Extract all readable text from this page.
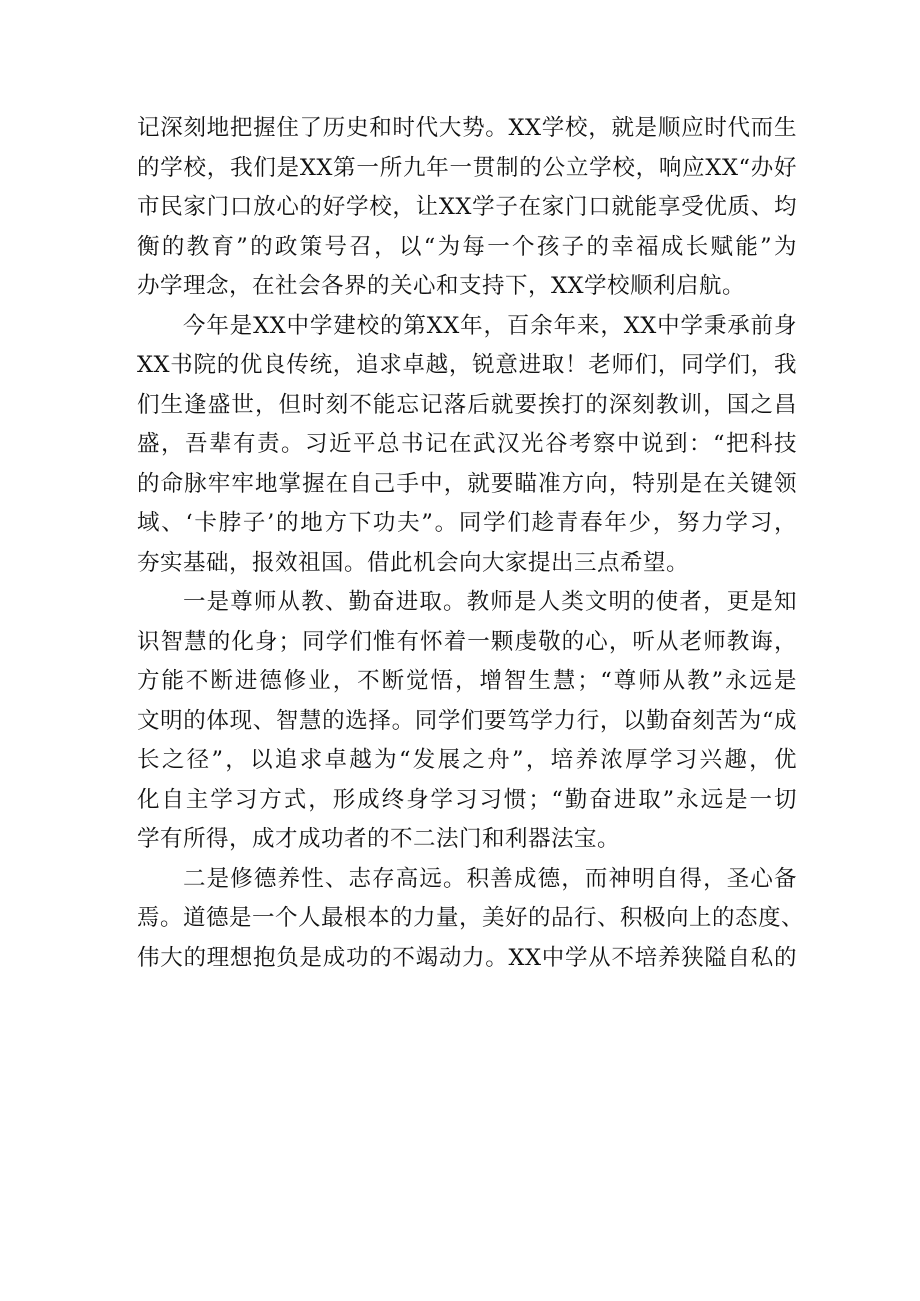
记深刻地把握住了历史和时代大势。XX学校，就是顺应时代而生
的学校，我们是XX第一所九年一贯制的公立学校，响应XX“办好
市民家门口放心的好学校，让XX学子在家门口就能享受优质、均
衡的教育”的政策号召，以“为每一个孩子的幸福成长赋能”为
办学理念，在社会各界的关心和支持下，XX学校顺利启航。
今年是XX中学建校的第XX年，百余年来，XX中学秉承前身
XX书院的优良传统，追求卓越，锐意进取！老师们，同学们，我
们生逢盛世，但时刻不能忘记落后就要挨打的深刻教训，国之昌
盛，吾辈有责。习近平总书记在武汉光谷考察中说到：“把科技
的命脉牢牢地掌握在自己手中，就要瞄准方向，特别是在关键领
域、‘卡脖子’的地方下功夫”。同学们趁青春年少，努力学习，
夯实基础，报效祖国。借此机会向大家提出三点希望。
一是尊师从教、勤奋进取。教师是人类文明的使者，更是知
识智慧的化身；同学们惟有怀着一颗虔敬的心，听从老师教诲，
方能不断进德修业，不断觉悟，增智生慧；“尊师从教”永远是
文明的体现、智慧的选择。同学们要笃学力行，以勤奋刻苦为“成
长之径”，以追求卓越为“发展之舟”，培养浓厚学习兴趣，优
化自主学习方式，形成终身学习习惯；“勤奋进取”永远是一切
学有所得，成才成功者的不二法门和利器法宝。
二是修德养性、志存高远。积善成德，而神明自得，圣心备
焉。道德是一个人最根本的力量，美好的品行、积极向上的态度、
伟大的理想抱负是成功的不竭动力。XX中学从不培养狭隘自私的
